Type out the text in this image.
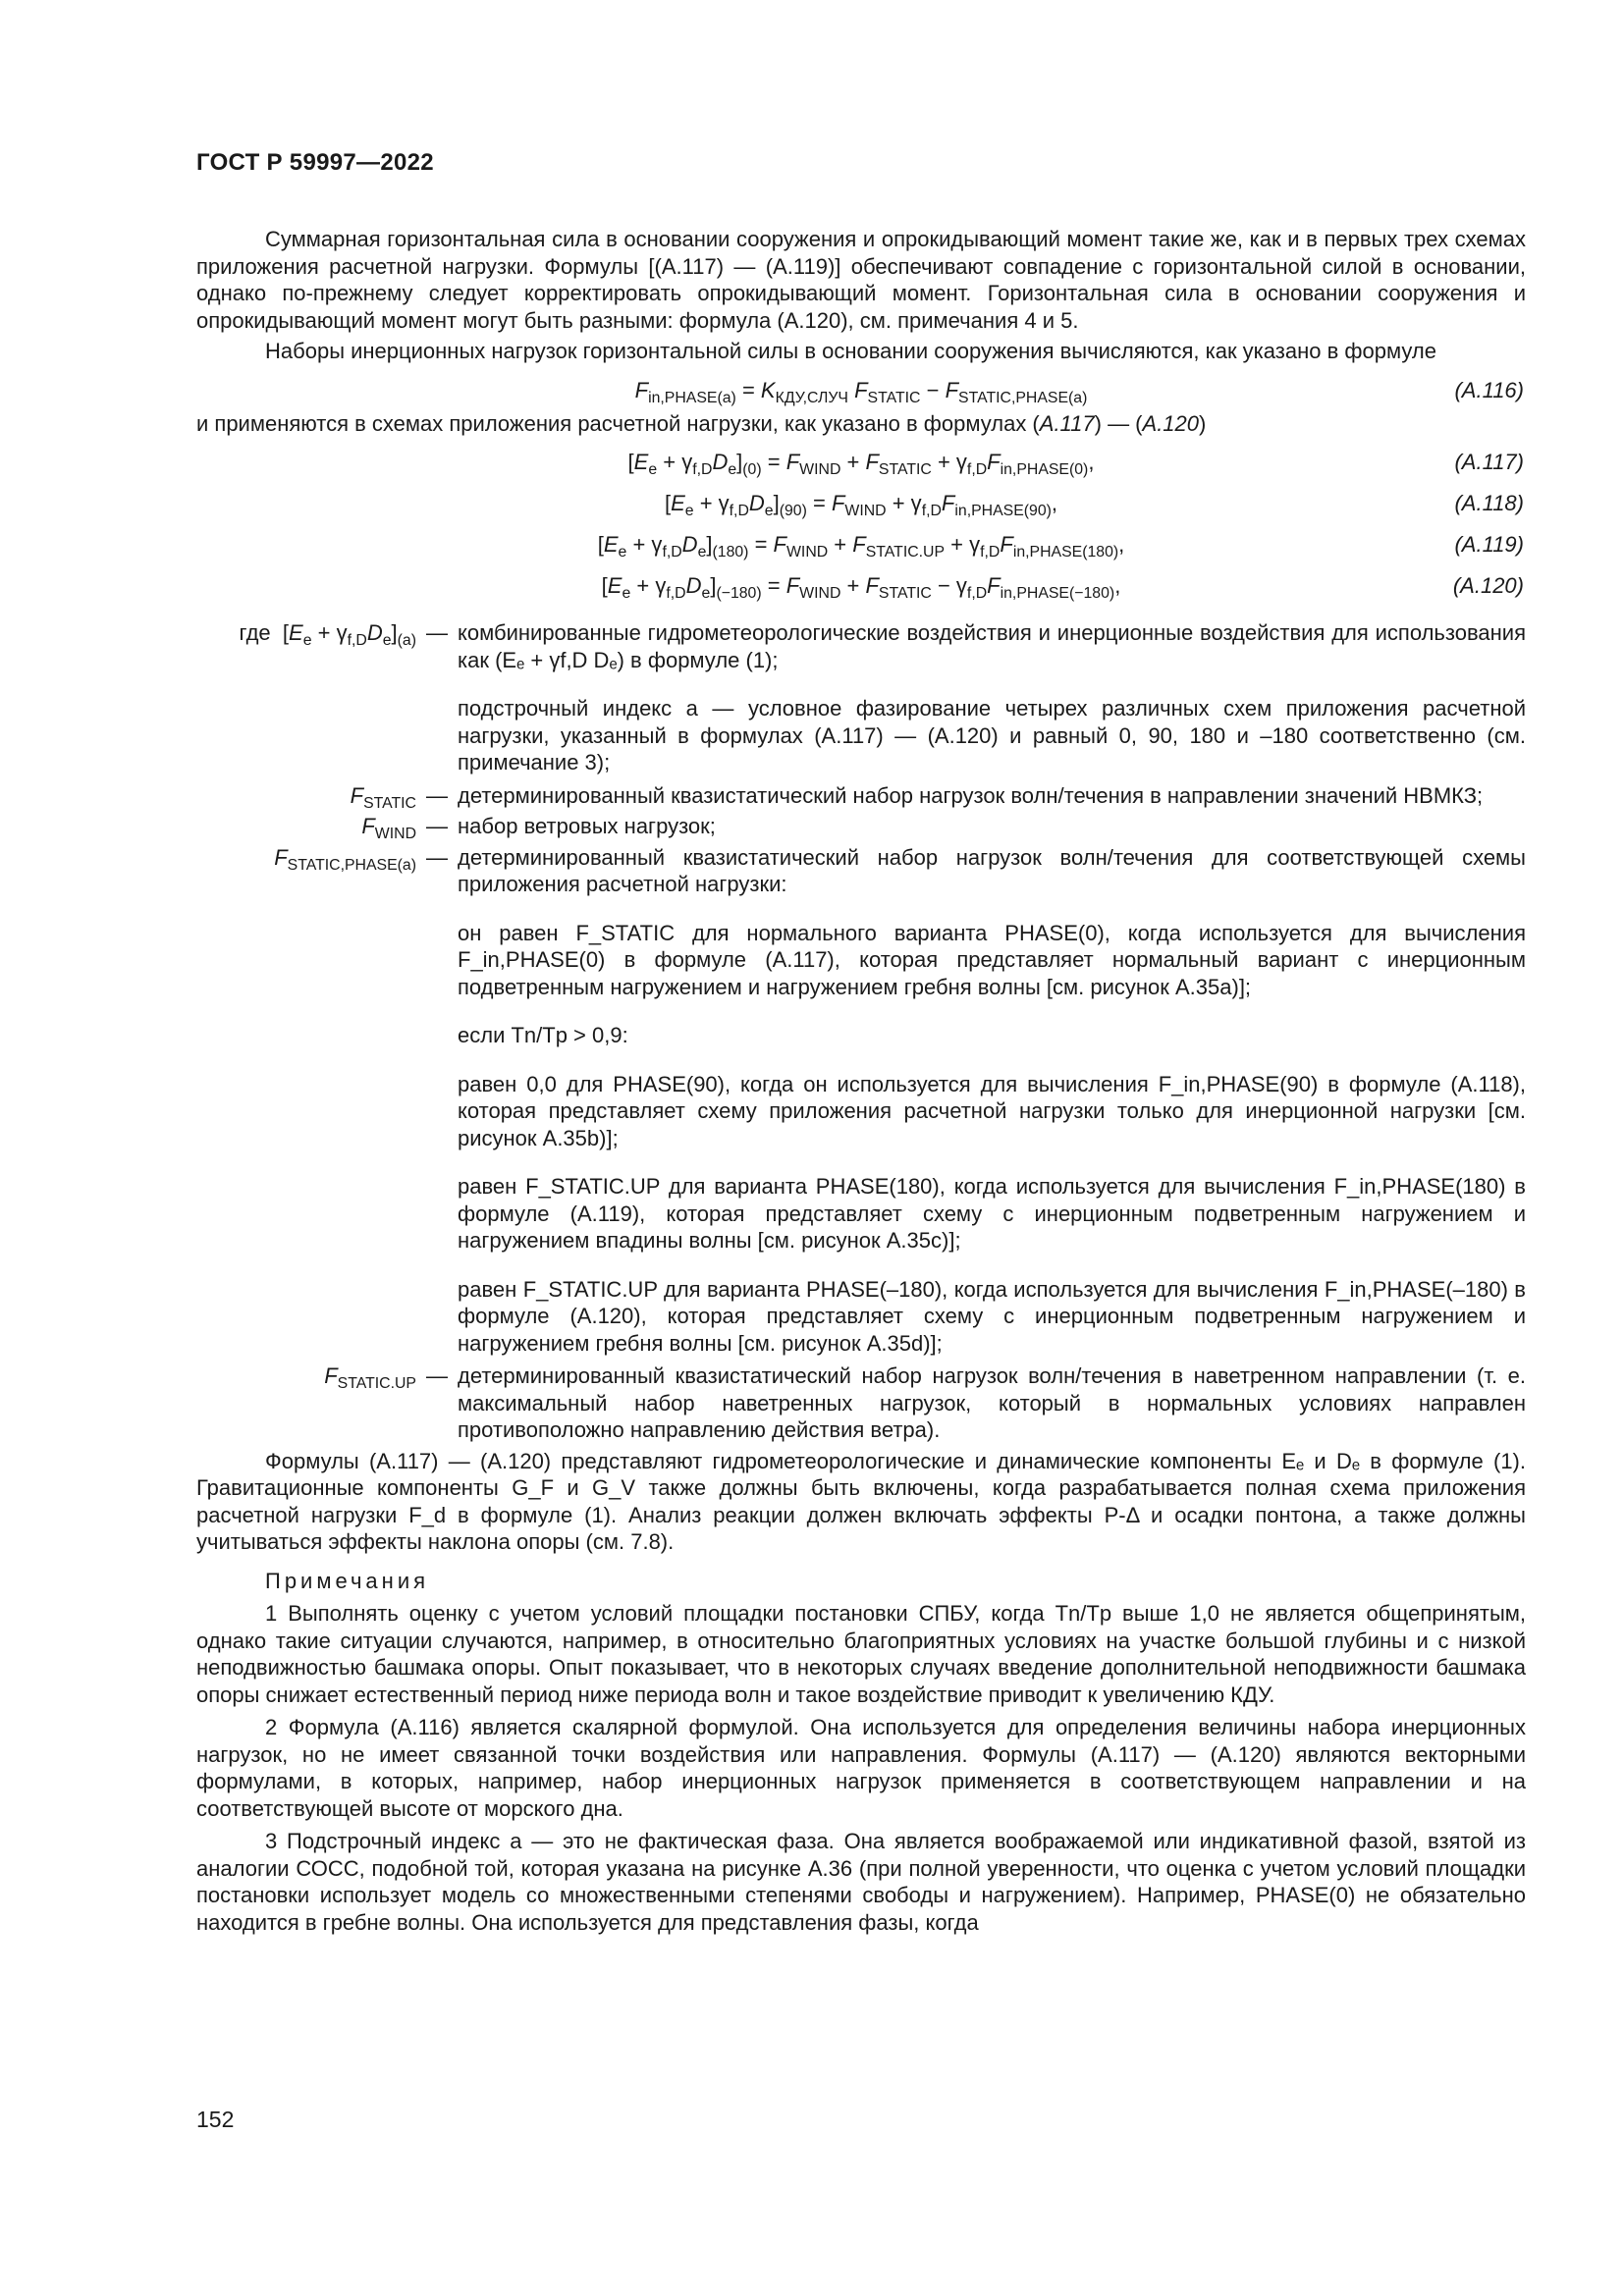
ГОСТ Р 59997—2022

Суммарная горизонтальная сила в основании сооружения и опрокидывающий момент такие же, как и в первых трех схемах приложения расчетной нагрузки. Формулы [(А.117) — (А.119)] обеспечивают совпадение с горизонтальной силой в основании, однако по-прежнему следует корректировать опрокидывающий момент. Горизонтальная сила в основании сооружения и опрокидывающий момент могут быть разными: формула (А.120), см. примечания 4 и 5.

Наборы инерционных нагрузок горизонтальной силы в основании сооружения вычисляются, как указано в формуле

$F_{in,PHASE(a)} = K_{КДУ,СЛУЧ}$ $F_{STATIC} - F_{STATIC,PHASE(a)}$	(A.116)

и применяются в схемах приложения расчетной нагрузки, как указано в формулах (А.117) — (А.120)

$[E_e + \gamma_{f,D}D_e]_{(0)} = F_{WIND} + F_{STATIC} + \gamma_{f,D}F_{in,PHASE(0)}$,	(A.117)
$[E_e + \gamma_{f,D}D_e]_{(90)} = F_{WIND} + \gamma_{f,D}F_{in,PHASE(90)}$,	(A.118)
$[E_e + \gamma_{f,D}D_e]_{(180)} = F_{WIND} + F_{STATIC.UP} + \gamma_{f,D}F_{in,PHASE(180)}$,	(A.119)
$[E_e + \gamma_{f,D}D_e]_{(-180)} = F_{WIND} + F_{STATIC} - \gamma_{f,D}F_{in,PHASE(-180)}$,	(A.120)
где  $[E_e + \gamma_{f,D}D_e]_{(a)}$ — комбинированные гидрометеорологические воздействия и инерционные воздействия для использования как (Eₑ + γf,D Dₑ) в формуле (1);

подстрочный индекс a — условное фазирование четырех различных схем приложения расчетной нагрузки, указанный в формулах (A.117) — (A.120) и равный 0, 90, 180 и –180 соответственно (см. примечание 3);

$F_{STATIC}$ — детерминированный квазистатический набор нагрузок волн/течения в направлении значений НВМКЗ;
$F_{WIND}$ — набор ветровых нагрузок;
$F_{STATIC,PHASE(a)}$ — детерминированный квазистатический набор нагрузок волн/течения для соответствующей схемы приложения расчетной нагрузки:

он равен F_STATIC для нормального варианта PHASE(0), когда используется для вычисления F_in,PHASE(0) в формуле (A.117), которая представляет нормальный вариант с инерционным подветренным нагружением и нагружением гребня волны [см. рисунок A.35a)];

если Tn/Tp > 0,9:

равен 0,0 для PHASE(90), когда он используется для вычисления F_in,PHASE(90) в формуле (A.118), которая представляет схему приложения расчетной нагрузки только для инерционной нагрузки [см. рисунок A.35b)];

равен F_STATIC.UP для варианта PHASE(180), когда используется для вычисления F_in,PHASE(180) в формуле (A.119), которая представляет схему с инерционным подветренным нагружением и нагружением впадины волны [см. рисунок A.35c)];

равен F_STATIC.UP для варианта PHASE(–180), когда используется для вычисления F_in,PHASE(–180) в формуле (A.120), которая представляет схему с инерционным подветренным нагружением и нагружением гребня волны [см. рисунок A.35d)];

$F_{STATIC.UP}$ — детерминированный квазистатический набор нагрузок волн/течения в наветренном направлении (т. е. максимальный набор наветренных нагрузок, который в нормальных условиях направлен противоположно направлению действия ветра).

Формулы (А.117) — (А.120) представляют гидрометеорологические и динамические компоненты Eₑ и Dₑ в формуле (1). Гравитационные компоненты G_F и G_V также должны быть включены, когда разрабатывается полная схема приложения расчетной нагрузки F_d в формуле (1). Анализ реакции должен включать эффекты P-Δ и осадки понтона, а также должны учитываться эффекты наклона опоры (см. 7.8).

Примечания

1 Выполнять оценку с учетом условий площадки постановки СПБУ, когда Tn/Tp выше 1,0 не является общепринятым, однако такие ситуации случаются, например, в относительно благоприятных условиях на участке большой глубины и с низкой неподвижностью башмака опоры. Опыт показывает, что в некоторых случаях введение дополнительной неподвижности башмака опоры снижает естественный период ниже периода волн и такое воздействие приводит к увеличению КДУ.

2 Формула (A.116) является скалярной формулой. Она используется для определения величины набора инерционных нагрузок, но не имеет связанной точки воздействия или направления. Формулы (A.117) — (A.120) являются векторными формулами, в которых, например, набор инерционных нагрузок применяется в соответствующем направлении и на соответствующей высоте от морского дна.

3 Подстрочный индекс a — это не фактическая фаза. Она является воображаемой или индикативной фазой, взятой из аналогии СОСС, подобной той, которая указана на рисунке A.36 (при полной уверенности, что оценка с учетом условий площадки постановки использует модель со множественными степенями свободы и нагружением). Например, PHASE(0) не обязательно находится в гребне волны. Она используется для представления фазы, когда

152
